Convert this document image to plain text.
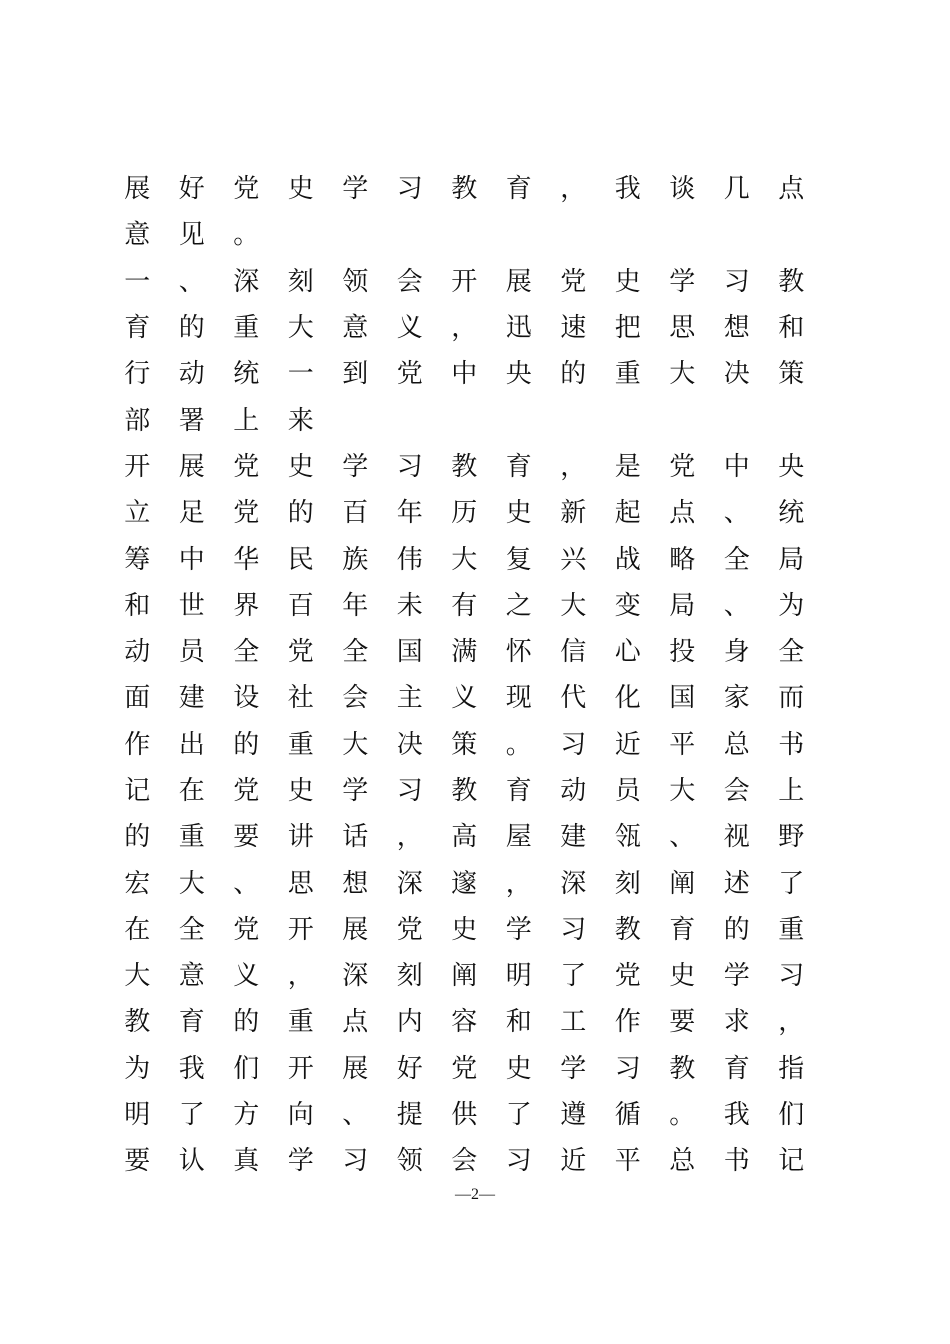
展	好	党	史	学	习	教	育	，	我	谈	几	点
意	见	。
一	、	深	刻	领	会	开	展	党	史	学	习	教
育	的	重	大	意	义	，	迅	速	把	思	想	和
行	动	统	一	到	党	中	央	的	重	大	决	策
部	署	上	来
开	展	党	史	学	习	教	育	，	是	党	中	央
立	足	党	的	百	年	历	史	新	起	点	、	统
筹	中	华	民	族	伟	大	复	兴	战	略	全	局
和	世	界	百	年	未	有	之	大	变	局	、	为
动	员	全	党	全	国	满	怀	信	心	投	身	全
面	建	设	社	会	主	义	现	代	化	国	家	而
作	出	的	重	大	决	策	。	习	近	平	总	书
记	在	党	史	学	习	教	育	动	员	大	会	上
的	重	要	讲	话	，	高	屋	建	瓴	、	视	野
宏	大	、	思	想	深	邃	，	深	刻	阐	述	了
在	全	党	开	展	党	史	学	习	教	育	的	重
大	意	义	，	深	刻	阐	明	了	党	史	学	习
教	育	的	重	点	内	容	和	工	作	要	求	，
为	我	们	开	展	好	党	史	学	习	教	育	指
明	了	方	向	、	提	供	了	遵	循	。	我	们
要	认	真	学	习	领	会	习	近	平	总	书	记
—2—
